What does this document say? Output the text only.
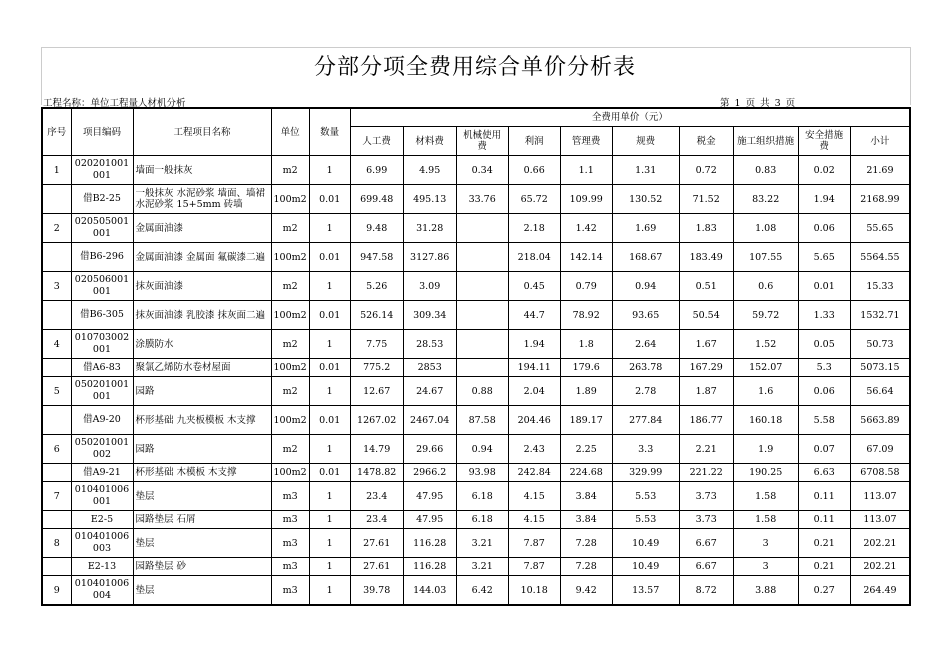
分部分项全费用综合单价分析表
工程名称：单位工程量人材机分析	第 1 页 共 3 页
序号	项目编码	工程项目名称	单位	数量	全费用单价（元）									
					人工费	材料费	机械使用费	利润	管理费	规费	税金	施工组织措施	安全措施费	小计
1	020201001001	墙面一般抹灰	m2	1	6.99	4.95	0.34	0.66	1.1	1.31	0.72	0.83	0.02	21.69
	借B2-25	一般抹灰 水泥砂浆 墙面、墙裙 水泥砂浆 15+5mm 砖墙	100m2	0.01	699.48	495.13	33.76	65.72	109.99	130.52	71.52	83.22	1.94	2168.99
2	020505001001	金属面油漆	m2	1	9.48	31.28		2.18	1.42	1.69	1.83	1.08	0.06	55.65
	借B6-296	金属面油漆 金属面 氟碳漆二遍	100m2	0.01	947.58	3127.86		218.04	142.14	168.67	183.49	107.55	5.65	5564.55
3	020506001001	抹灰面油漆	m2	1	5.26	3.09		0.45	0.79	0.94	0.51	0.6	0.01	15.33
	借B6-305	抹灰面油漆 乳胶漆 抹灰面二遍	100m2	0.01	526.14	309.34		44.7	78.92	93.65	50.54	59.72	1.33	1532.71
4	010703002001	涂膜防水	m2	1	7.75	28.53		1.94	1.8	2.64	1.67	1.52	0.05	50.73
	借A6-83	聚氯乙烯防水卷材屋面	100m2	0.01	775.2	2853		194.11	179.6	263.78	167.29	152.07	5.3	5073.15
5	050201001001	园路	m2	1	12.67	24.67	0.88	2.04	1.89	2.78	1.87	1.6	0.06	56.64
	借A9-20	杯形基础 九夹板模板 木支撑	100m2	0.01	1267.02	2467.04	87.58	204.46	189.17	277.84	186.77	160.18	5.58	5663.89
6	050201001002	园路	m2	1	14.79	29.66	0.94	2.43	2.25	3.3	2.21	1.9	0.07	67.09
	借A9-21	杯形基础 木模板 木支撑	100m2	0.01	1478.82	2966.2	93.98	242.84	224.68	329.99	221.22	190.25	6.63	6708.58
7	010401006001	垫层	m3	1	23.4	47.95	6.18	4.15	3.84	5.53	3.73	1.58	0.11	113.07
	E2-5	园路垫层 石屑	m3	1	23.4	47.95	6.18	4.15	3.84	5.53	3.73	1.58	0.11	113.07
8	010401006003	垫层	m3	1	27.61	116.28	3.21	7.87	7.28	10.49	6.67	3	0.21	202.21
	E2-13	园路垫层 砂	m3	1	27.61	116.28	3.21	7.87	7.28	10.49	6.67	3	0.21	202.21
9	010401006004	垫层	m3	1	39.78	144.03	6.42	10.18	9.42	13.57	8.72	3.88	0.27	264.49
